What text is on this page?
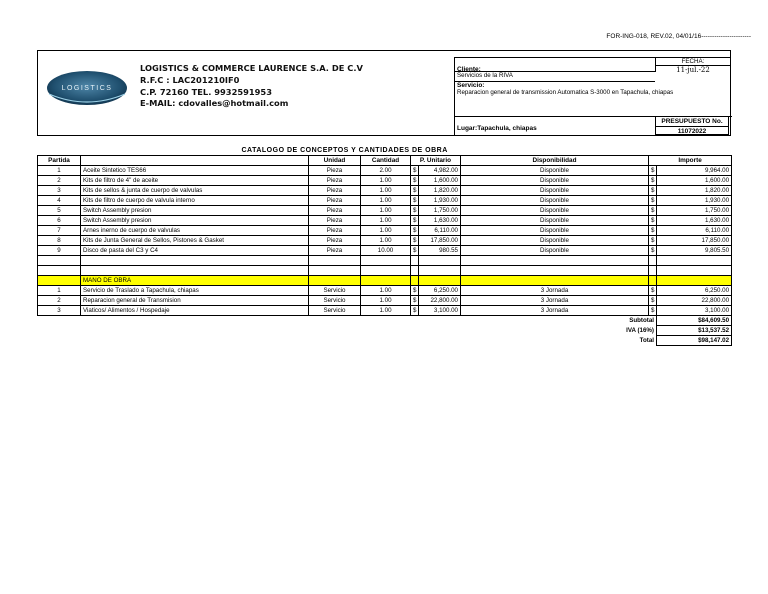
FOR-ING-018, REV.02, 04/01/16-----------------------
LOGISTICS
LOGISTICS & COMMERCE LAURENCE S.A. DE C.V
R.F.C : LAC201210IF0
C.P. 72160 TEL. 9932591953
E-MAIL: cdovalles@hotmail.com
Cliente:
Servicios de la RIVA
Servicio:
Reparacion general de transmission Automatica S-3000 en Tapachula, chiapas
Lugar:Tapachula, chiapas
FECHA:
11-jul.-22
PRESUPUESTO No.
11072022
		CATALOGO DE CONCEPTOS Y CANTIDADES DE OBRA						
Partida		Unidad	Cantidad	P. Unitario		Disponibilidad	Importe	
1	Aceite Sintetico TES66	Pieza	2.00	$	4,982.00	Disponible	$	9,964.00
2	Kits de filtro de 4" de aceite	Pieza	1.00	$	1,600.00	Disponible	$	1,600.00
3	Kits de sellos & junta de cuerpo de valvulas	Pieza	1.00	$	1,820.00	Disponible	$	1,820.00
4	Kits de filtro de cuerpo de valvula interno	Pieza	1.00	$	1,930.00	Disponible	$	1,930.00
5	Switch Assembly presion	Pieza	1.00	$	1,750.00	Disponible	$	1,750.00
6	Switch Assembly presion	Pieza	1.00	$	1,630.00	Disponible	$	1,630.00
7	Arnes inerno de cuerpo de valvulas	Pieza	1.00	$	6,110.00	Disponible	$	6,110.00
8	Kits de Junta General de Sellos, Pistones & Gasket	Pieza	1.00	$	17,850.00	Disponible	$	17,850.00
9	Disco de pasta del C3 y C4	Pieza	10.00	$	980.55	Disponible	$	9,805.50

	MANO DE OBRA							
1	Servicio de Traslado a Tapachula, chiapas	Servicio	1.00	$	6,250.00	3 Jornada	$	6,250.00
2	Reparacion general de Transmision	Servicio	1.00	$	22,800.00	3 Jornada	$	22,800.00
3	Viaticos/ Alimentos / Hospedaje	Servicio	1.00	$	3,100.00	3 Jornada	$	3,100.00
						Subtotal		$84,609.50
						IVA (16%)		$13,537.52
						Total		$98,147.02
